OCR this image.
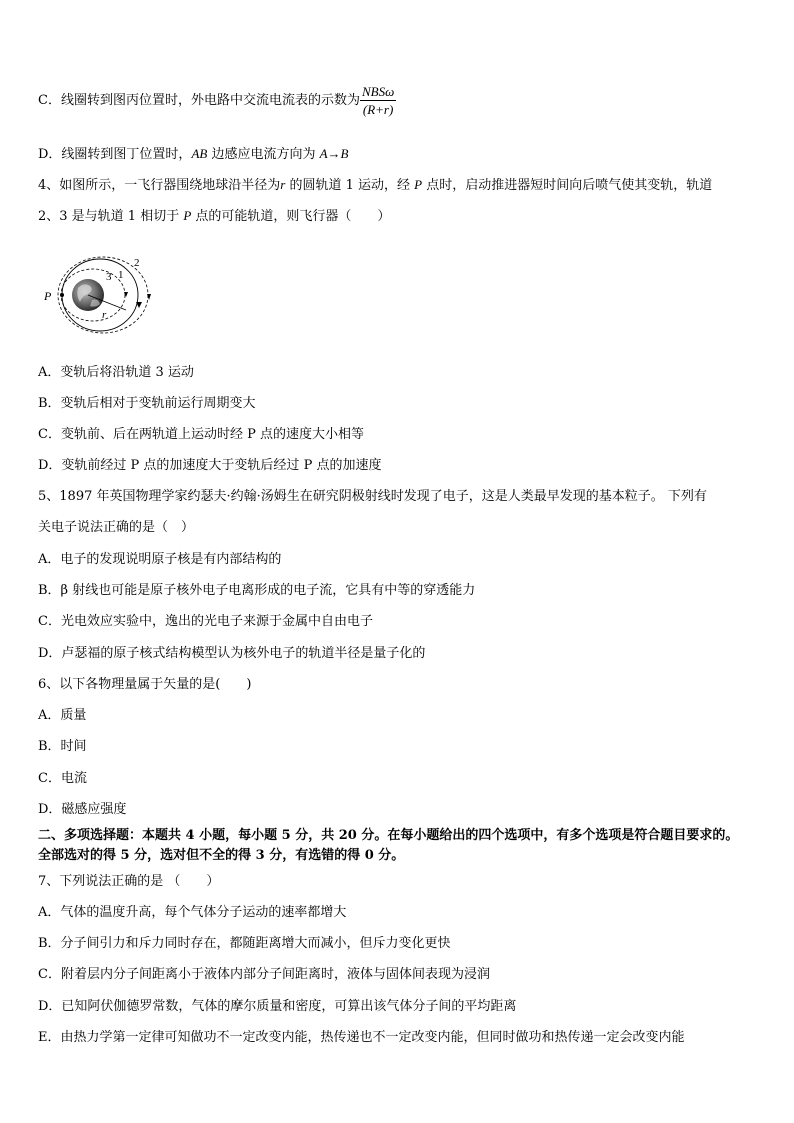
C．线圈转到图丙位置时，外电路中交流电流表的示数为 $\frac{\text{NBSω}}{(R+r)}$
D．线圈转到图丁位置时，AB 边感应电流方向为 A→B
4、如图所示，一飞行器围绕地球沿半径为r 的圆轨道 1 运动，经 P 点时，启动推进器短时间向后喷气使其变轨，轨道
2、3 是与轨道 1 相切于 P 点的可能轨道，则飞行器（　　）
P
1
2
3
r
A．变轨后将沿轨道 3 运动
B．变轨后相对于变轨前运行周期变大
C．变轨前、后在两轨道上运动时经 P 点的速度大小相等
D．变轨前经过 P 点的加速度大于变轨后经过 P 点的加速度
5、1897 年英国物理学家约瑟夫·约翰·汤姆生在研究阴极射线时发现了电子，这是人类最早发现的基本粒子。 下列有
关电子说法正确的是（　）
A．电子的发现说明原子核是有内部结构的
B．β 射线也可能是原子核外电子电离形成的电子流，它具有中等的穿透能力
C．光电效应实验中，逸出的光电子来源于金属中自由电子
D．卢瑟福的原子核式结构模型认为核外电子的轨道半径是量子化的
6、以下各物理量属于矢量的是(　　)
A．质量
B．时间
C．电流
D．磁感应强度
二、多项选择题：本题共 4 小题，每小题 5 分，共 20 分。在每小题给出的四个选项中，有多个选项是符合题目要求的。
全部选对的得 5 分，选对但不全的得 3 分，有选错的得 0 分。
7、下列说法正确的是 （　　）
A．气体的温度升高，每个气体分子运动的速率都增大
B．分子间引力和斥力同时存在，都随距离增大而减小，但斥力变化更快
C．附着层内分子间距离小于液体内部分子间距离时，液体与固体间表现为浸润
D．已知阿伏伽德罗常数，气体的摩尔质量和密度，可算出该气体分子间的平均距离
E．由热力学第一定律可知做功不一定改变内能，热传递也不一定改变内能，但同时做功和热传递一定会改变内能
